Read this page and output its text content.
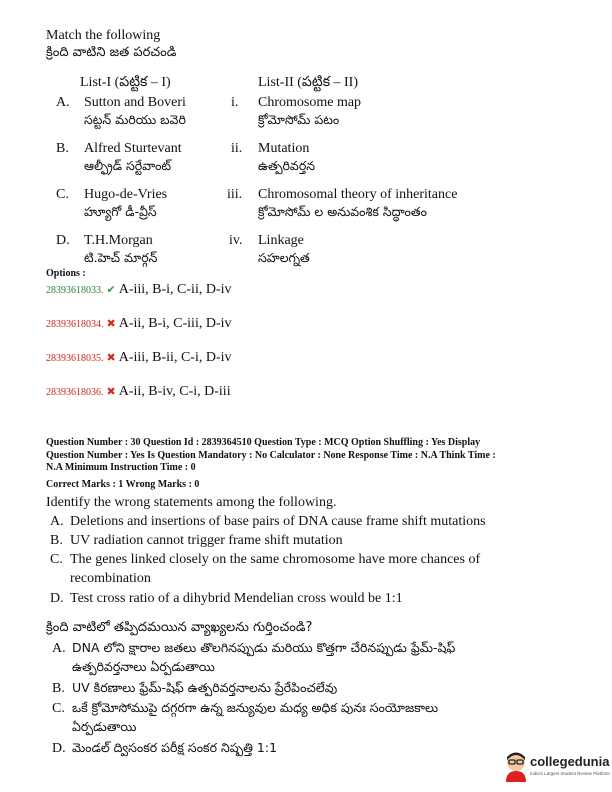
Match the following
క్రింది వాటిని జత పరచండి
List-I (పట్టిక – I)	List-II (పట్టిక – II)
A. Sutton and Boveri
సట్టన్ మరియు బవెరి
i. Chromosome map
క్రోమోసోమ్ పటం
B. Alfred Sturtevant
ఆల్ఫ్రీడ్ సర్టేవాంట్
ii. Mutation
ఉత్పరివర్తన
C. Hugo-de-Vries
హ్యూగో డీ-వ్రీస్
iii. Chromosomal theory of inheritance
క్రోమోసోమ్ ల అనువంశిక సిద్ధాంతం
D. T.H.Morgan
టి.హెచ్ మార్గన్
iv. Linkage
సహలగ్నత
Options :
28393618033. ✔ A-iii, B-i, C-ii, D-iv
28393618034. ✖ A-ii, B-i, C-iii, D-iv
28393618035. ✖ A-iii, B-ii, C-i, D-iv
28393618036. ✖ A-ii, B-iv, C-i, D-iii
Question Number : 30 Question Id : 2839364510 Question Type : MCQ Option Shuffling : Yes Display
Question Number : Yes Is Question Mandatory : No Calculator : None Response Time : N.A Think Time :
N.A Minimum Instruction Time : 0
Correct Marks : 1 Wrong Marks : 0
Identify the wrong statements among the following.
A. Deletions and insertions of base pairs of DNA cause frame shift mutations
B. UV radiation cannot trigger frame shift mutation
C. The genes linked closely on the same chromosome have more chances of
recombination
D. Test cross ratio of a dihybrid Mendelian cross would be 1:1
క్రింది వాటిలో తప్పిదమయిన వ్యాఖ్యలను గుర్తించండి?
A. DNA లోని క్షారాల జతలు తొలగినప్పుడు మరియు కొత్తగా చేరినప్పుడు ఫ్రేమ్-షిఫ్
ఉత్పరివర్తనాలు ఏర్పడుతాయి
B. UV కిరణాలు ఫ్రేమ్-షిఫ్ ఉత్పరివర్తనాలను ప్రేరేపించలేవు
C. ఒకే క్రోమోసోముపై దగ్గరగా ఉన్న జన్యువుల మధ్య అధిక పునః సంయోజకాలు
ఏర్పడుతాయి
D. మెండల్ ద్విసంకర పరీక్ష సంకర నిష్పత్తి 1:1
collegedunia
India's Largest Student Review Platform
